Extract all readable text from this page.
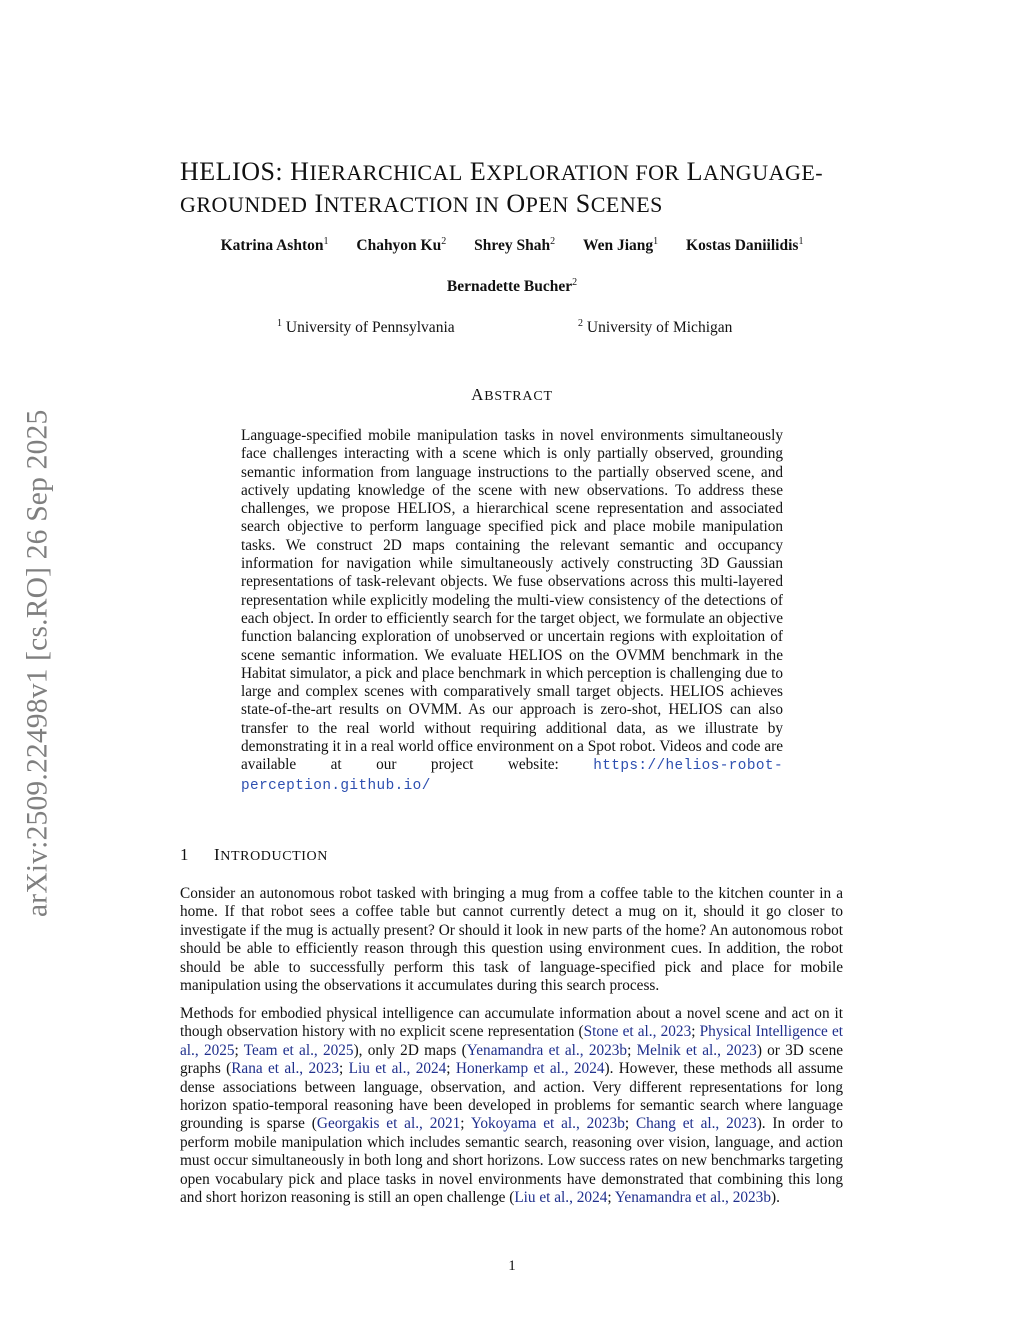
arXiv:2509.22498v1 [cs.RO] 26 Sep 2025
HELIOS: HIERARCHICAL EXPLORATION FOR LANGUAGE-
GROUNDED INTERACTION IN OPEN SCENES
Katrina Ashton$^1$ Chahyon Ku$^2$ Shrey Shah$^2$ Wen Jiang$^1$ Kostas Daniilidis$^1$
Bernadette Bucher$^2$
$^1$ University of Pennsylvania	$^2$ University of Michigan
ABSTRACT
Language-specified mobile manipulation tasks in novel environments simultaneously face challenges interacting with a scene which is only partially observed, grounding semantic information from language instructions to the partially observed scene, and actively updating knowledge of the scene with new observations. To address these challenges, we propose HELIOS, a hierarchical scene representation and associated search objective to perform language specified pick and place mobile manipulation tasks. We construct 2D maps containing the relevant semantic and occupancy information for navigation while simultaneously actively constructing 3D Gaussian representations of task-relevant objects. We fuse observations across this multi-layered representation while explicitly modeling the multi-view consistency of the detections of each object. In order to efficiently search for the target object, we formulate an objective function balancing exploration of unobserved or uncertain regions with exploitation of scene semantic information. We evaluate HELIOS on the OVMM benchmark in the Habitat simulator, a pick and place benchmark in which perception is challenging due to large and complex scenes with comparatively small target objects. HELIOS achieves state-of-the-art results on OVMM. As our approach is zero-shot, HELIOS can also transfer to the real world without requiring additional data, as we illustrate by demonstrating it in a real world office environment on a Spot robot. Videos and code are available at our project website: https://helios-robot-perception.github.io/
1 INTRODUCTION
Consider an autonomous robot tasked with bringing a mug from a coffee table to the kitchen counter in a home. If that robot sees a coffee table but cannot currently detect a mug on it, should it go closer to investigate if the mug is actually present? Or should it look in new parts of the home? An autonomous robot should be able to efficiently reason through this question using environment cues. In addition, the robot should be able to successfully perform this task of language-specified pick and place for mobile manipulation using the observations it accumulates during this search process.
Methods for embodied physical intelligence can accumulate information about a novel scene and act on it though observation history with no explicit scene representation (Stone et al., 2023; Physical Intelligence et al., 2025; Team et al., 2025), only 2D maps (Yenamandra et al., 2023b; Melnik et al., 2023) or 3D scene graphs (Rana et al., 2023; Liu et al., 2024; Honerkamp et al., 2024). However, these methods all assume dense associations between language, observation, and action. Very different representations for long horizon spatio-temporal reasoning have been developed in problems for semantic search where language grounding is sparse (Georgakis et al., 2021; Yokoyama et al., 2023b; Chang et al., 2023). In order to perform mobile manipulation which includes semantic search, reasoning over vision, language, and action must occur simultaneously in both long and short horizons. Low success rates on new benchmarks targeting open vocabulary pick and place tasks in novel environments have demonstrated that combining this long and short horizon reasoning is still an open challenge (Liu et al., 2024; Yenamandra et al., 2023b).
1
